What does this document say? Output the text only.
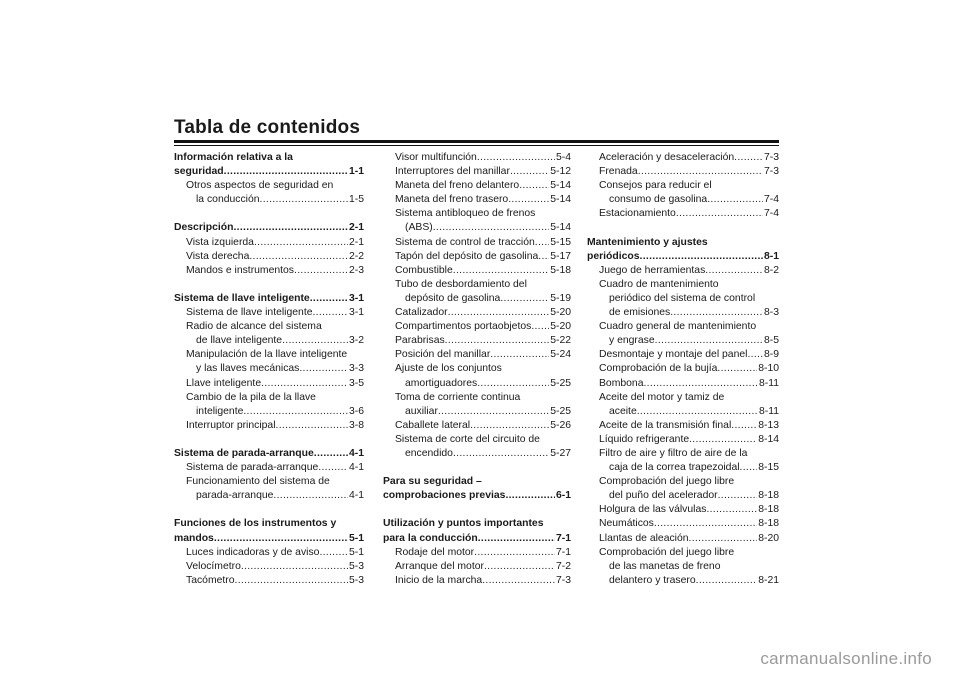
Tabla de contenidos
Información relativa a la
seguridad .....	1-1
Otros aspectos de seguridad en
la conducción .....	1-5
Descripción .....	2-1
Vista izquierda .....	2-1
Vista derecha .....	2-2
Mandos e instrumentos .....	2-3
Sistema de llave inteligente .....	3-1
Sistema de llave inteligente .....	3-1
Radio de alcance del sistema
de llave inteligente .....	3-2
Manipulación de la llave inteligente
y las llaves mecánicas .....	3-3
Llave inteligente .....	3-5
Cambio de la pila de la llave
inteligente .....	3-6
Interruptor principal .....	3-8
Sistema de parada-arranque .....	4-1
Sistema de parada-arranque .....	4-1
Funcionamiento del sistema de
parada-arranque .....	4-1
Funciones de los instrumentos y
mandos .....	5-1
Luces indicadoras y de aviso .....	5-1
Velocímetro .....	5-3
Tacómetro .....	5-3
Visor multifunción .....	5-4
Interruptores del manillar .....	5-12
Maneta del freno delantero .....	5-14
Maneta del freno trasero .....	5-14
Sistema antibloqueo de frenos
(ABS) .....	5-14
Sistema de control de tracción ..... 5-15
Tapón del depósito de gasolina ..... 5-17
Combustible .....	5-18
Tubo de desbordamiento del
depósito de gasolina .....	5-19
Catalizador .....	5-20
Compartimentos portaobjetos ..... 5-20
Parabrisas .....	5-22
Posición del manillar .....	5-24
Ajuste de los conjuntos
amortiguadores .....	5-25
Toma de corriente continua
auxiliar .....	5-25
Caballete lateral .....	5-26
Sistema de corte del circuito de
encendido .....	5-27
Para su seguridad –
comprobaciones previas .....	6-1
Utilización y puntos importantes
para la conducción .....	7-1
Rodaje del motor .....	7-1
Arranque del motor .....	7-2
Inicio de la marcha .....	7-3
Aceleración y desaceleración .....	7-3
Frenada .....	7-3
Consejos para reducir el
consumo de gasolina .....	7-4
Estacionamiento .....	7-4
Mantenimiento y ajustes
periódicos .....	8-1
Juego de herramientas .....	8-2
Cuadro de mantenimiento
periódico del sistema de control
de emisiones .....	8-3
Cuadro general de mantenimiento
y engrase .....	8-5
Desmontaje y montaje del panel ..... 8-9
Comprobación de la bujía .....	8-10
Bombona .....	8-11
Aceite del motor y tamiz de
aceite .....	8-11
Aceite de la transmisión final .....	8-13
Líquido refrigerante .....	8-14
Filtro de aire y filtro de aire de la
caja de la correa trapezoidal ..... 8-15
Comprobación del juego libre
del puño del acelerador .....	8-18
Holgura de las válvulas .....	8-18
Neumáticos .....	8-18
Llantas de aleación .....	8-20
Comprobación del juego libre
de las manetas de freno
delantero y trasero .....	8-21
carmanualsonline.info
